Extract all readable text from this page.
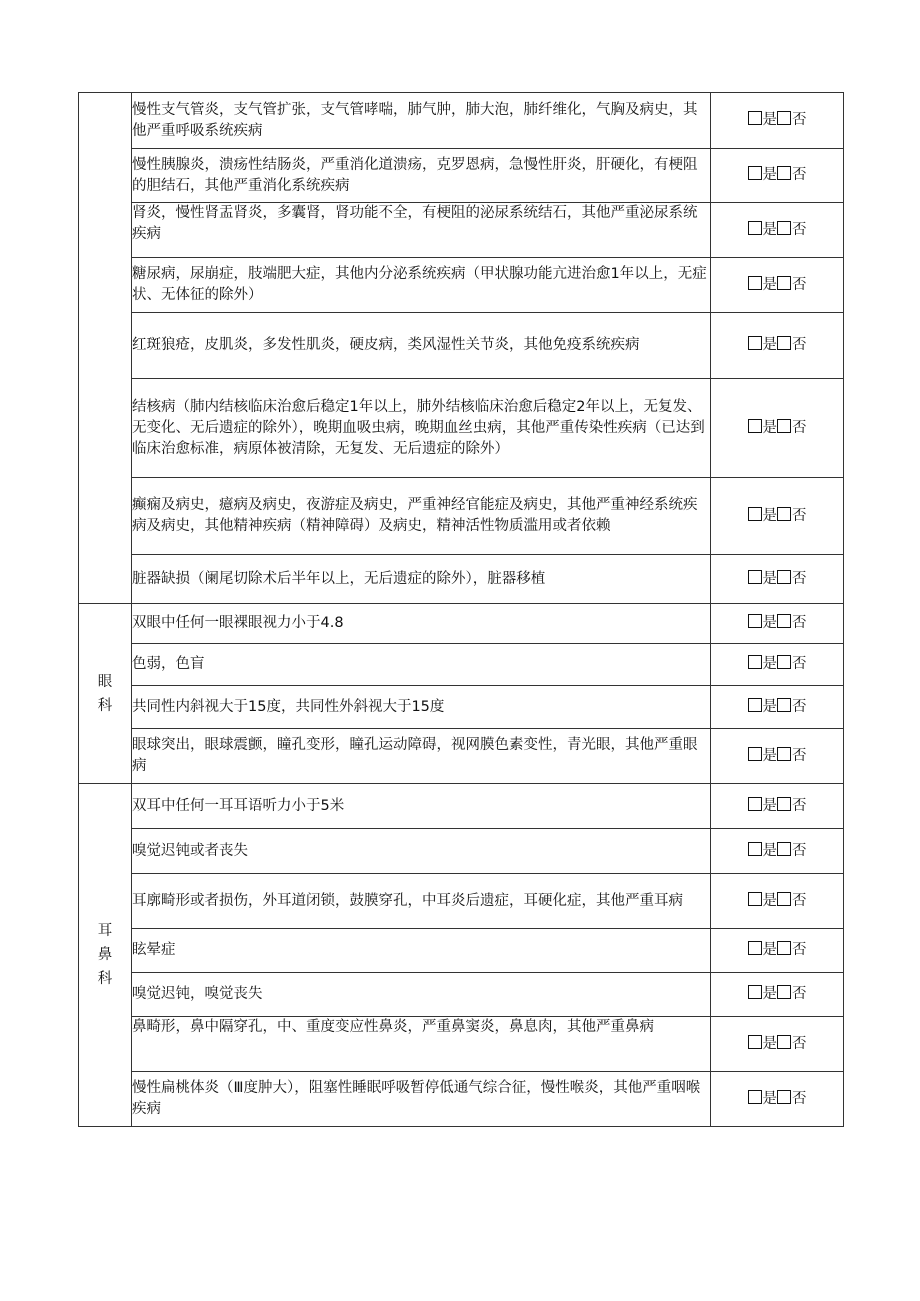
	慢性支气管炎，支气管扩张，支气管哮喘，肺气肿，肺大泡，肺纤维化，气胸及病史，其他严重呼吸系统疾病	是 否
	慢性胰腺炎，溃疡性结肠炎，严重消化道溃疡，克罗恩病，急慢性肝炎，肝硬化，有梗阻的胆结石，其他严重消化系统疾病	是 否
	肾炎，慢性肾盂肾炎，多囊肾，肾功能不全，有梗阻的泌尿系统结石，其他严重泌尿系统疾病	是 否
	糖尿病，尿崩症，肢端肥大症，其他内分泌系统疾病（甲状腺功能亢进治愈1年以上，无症状、无体征的除外）	是 否
	红斑狼疮，皮肌炎，多发性肌炎，硬皮病，类风湿性关节炎，其他免疫系统疾病	是 否
	结核病（肺内结核临床治愈后稳定1年以上，肺外结核临床治愈后稳定2年以上，无复发、无变化、无后遗症的除外），晚期血吸虫病，晚期血丝虫病，其他严重传染性疾病（已达到临床治愈标准，病原体被清除，无复发、无后遗症的除外）	是 否
	癫痫及病史，癔病及病史，夜游症及病史，严重神经官能症及病史，其他严重神经系统疾病及病史，其他精神疾病（精神障碍）及病史，精神活性物质滥用或者依赖	是 否
	脏器缺损（阑尾切除术后半年以上，无后遗症的除外），脏器移植	是 否
眼科	双眼中任何一眼裸眼视力小于4.8	是 否
	色弱，色盲	是 否
	共同性内斜视大于15度，共同性外斜视大于15度	是 否
	眼球突出，眼球震颤，瞳孔变形，瞳孔运动障碍，视网膜色素变性，青光眼，其他严重眼病	是 否
耳鼻科	双耳中任何一耳耳语听力小于5米	是 否
	嗅觉迟钝或者丧失	是 否
	耳廓畸形或者损伤，外耳道闭锁，鼓膜穿孔，中耳炎后遗症，耳硬化症，其他严重耳病	是 否
	眩晕症	是 否
	嗅觉迟钝，嗅觉丧失	是 否
	鼻畸形，鼻中隔穿孔，中、重度变应性鼻炎，严重鼻窦炎，鼻息肉，其他严重鼻病	是 否
	慢性扁桃体炎（Ⅲ度肿大），阻塞性睡眠呼吸暂停低通气综合征，慢性喉炎，其他严重咽喉疾病	是 否
